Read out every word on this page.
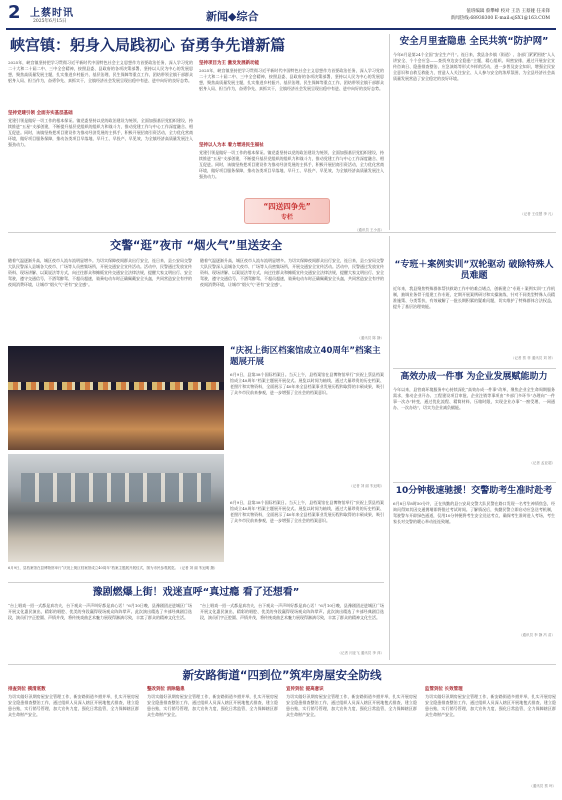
2 上蔡时讯
2025年6月15日	新闻◆综合	值班编辑 蔡攀峰 校对 王浩 王蔡娅 任来锋
新闻热线:68938300 E-mail:sjSX1@163.COM
峡宫镇：躬身入局践初心 奋勇争先谱新篇
2025年，峡宫镇坚持把学习贯彻习近平新时代中国特色社会主义思想作为首要政治任务，深入学习党的二十大和二十届二中、三中全会精神，按照县委、县政府的各项决策部署，坚持以人民为中心的发展思想，聚焦高质量发展主题，扎实推进乡村振兴、基层治理、民生保障等重点工作，团结带领全镇干部群众躬身入局、担当作为，奋勇争先、真抓实干，全镇经济社会发展呈现出稳中有进、进中向好的良好态势。
坚持党建引领 全面夯实基层基础
党建引领是做好一切工作的根本保证。镇党委坚持以党的政治建设为统领，全面加强基层党组织建设，持续推进“五星”支部创建，不断提升基层党组织的组织力和战斗力，推动党建工作与中心工作深度融合、相互促进。同时，该镇坚持把项目建设作为推动经济发展的主抓手，积极开展招商引资活动，全力优化营商环境，做好项目服务保障，推动各类项目早落地、早开工、早投产、早见效，为全镇经济高质量发展注入强劲动力。
坚持项目为王 激发发展新动能
2025年，峡宫镇坚持把学习贯彻习近平新时代中国特色社会主义思想作为首要政治任务，深入学习党的二十大和二十届二中、三中全会精神，按照县委、县政府的各项决策部署，坚持以人民为中心的发展思想，聚焦高质量发展主题，扎实推进乡村振兴、基层治理、民生保障等重点工作，团结带领全镇干部群众躬身入局、担当作为，奋勇争先、真抓实干，全镇经济社会发展呈现出稳中有进、进中向好的良好态势。
坚持以人为本 着力增进民生福祉
党建引领是做好一切工作的根本保证。镇党委坚持以党的政治建设为统领，全面加强基层党组织建设，持续推进“五星”支部创建，不断提升基层党组织的组织力和战斗力，推动党建工作与中心工作深度融合、相互促进。同时，该镇坚持把项目建设作为推动经济发展的主抓手，积极开展招商引资活动，全力优化营商环境，做好项目服务保障，推动各类项目早落地、早开工、早投产、早见效，为全镇经济高质量发展注入强劲动力。
（通讯员 王小蕊）
安全月里查隐患 全民共筑“防护网”
今年6月是第24个全国“安全生产月”。连日来，我县各乡镇（街道）、各部门紧紧围绕“人人讲安全、个个会应急——查找身边安全隐患”主题，精心组织、周密安排，通过开展安全宣传咨询日、隐患排查整治、应急演练等形式多样的活动，进一步普及安全知识，增强全民安全意识和自救互救能力，营造人人关注安全、人人参与安全的浓厚氛围，为全县经济社会高质量发展营造了安全稳定的良好环境。
（记者 王佳慧 李 凡）
“四送四争先”
专栏
交警“逛”夜市 “烟火气”里送安全
随着气温逐渐升高，城区夜市人流车流明显增多。为切实保障夜间群众出行安全，连日来，县公安局交警大队民警深入县城各大夜市、广场等人员密集场所，开展交通安全宣传活动。活动中，民警通过发放宣传资料、现场讲解、以案说法等方式，向过往群众和摊贩宣传交通安全法律法规，提醒大家文明出行、安全驾驶，遵守交通信号，不酒驾醉驾、不超员超速，骑乘电动车时正确佩戴安全头盔，共同营造安全有序的夜间消费环境，让城市“烟火气”更有“安全感”。
随着气温逐渐升高，城区夜市人流车流明显增多。为切实保障夜间群众出行安全，连日来，县公安局交警大队民警深入县城各大夜市、广场等人员密集场所，开展交通安全宣传活动。活动中，民警通过发放宣传资料、现场讲解、以案说法等方式，向过往群众和摊贩宣传交通安全法律法规，提醒大家文明出行、安全驾驶，遵守交通信号，不酒驾醉驾、不超员超速，骑乘电动车时正确佩戴安全头盔，共同营造安全有序的夜间消费环境，让城市“烟火气”更有“安全感”。
（通讯员 陈 静）
“专班＋案例实训”双轮驱动 破除特殊人员难题
近年来，我县聚焦特殊群体帮扶救助工作中的难点堵点，创新建立“专班＋案例实训”工作机制，抽调业务骨干组建工作专班，定期开展案例研讨和实操演练，针对不同类型特殊人员精准施策、分类帮扶，有效破解了一批长期积累的疑难问题，切实维护了特殊群体合法权益，提升了基层治理效能。
（记者 蔡 菲 通讯员 刘 婷）
高效办成一件事 为企业发展赋能助力
今年以来，县营商环境服务中心持续深化“高效办成一件事”改革，聚焦企业全生命周期服务需求，推动企业开办、工程建设项目审批、企业注销等事项由“多部门多环节”办理向“一件事一次办”转变，通过优化流程、精简材料、压缩时限，实现企业办事“一窗受理、一网通办、一次办结”，切实为企业减负赋能。
（记者 孟亚超）
10分钟极速驰援！交警助考生准时赴考
6月8日早8时50分许，正在执勤的县公安局交警大队民警在路口发现一名考生神情焦急，经询问得知其因交通拥堵即将错过考试时间。了解情况后，执勤民警立即启动应急送考机制，驾驶警车开辟绿色通道，仅用10分钟便将考生安全送达考点，确保考生准时进入考场，考生家长对交警的暖心举动连连致谢。
（通讯员 李 静 冯 苗）
“庆祝上街区档案馆成立40周年”档案主题展开展
6月9日，县第38个国际档案日。当天上午，县档案馆在县博物馆举行“庆祝上蔡县档案馆成立40周年”档案主题展开展仪式。展览以时间为轴线，通过大量珍贵的历史档案、老照片和实物资料，全面展示了40年来全县档案事业发展历程和取得的丰硕成果，吸引了众多市民前来参观，进一步增强了全社会的档案意识。
（记者 刘 丽 朱冠明）
6月9日，县档案馆在县博物馆举行“庆祝上街区档案馆成立40周年”档案主题展开展仪式，图为市民参观展览。（记者 刘 丽 朱冠明 摄）
6月9日，县第38个国际档案日。当天上午，县档案馆在县博物馆举行“庆祝上蔡县档案馆成立40周年”档案主题展开展仪式。展览以时间为轴线，通过大量珍贵的历史档案、老照片和实物资料，全面展示了40年来全县档案事业发展历程和取得的丰硕成果，吸引了众多市民前来参观，进一步增强了全社会的档案意识。
豫剧燃爆上街！戏迷直呼“真过瘾 看了还想看”
“台上唱戏一招一式都是真功夫，台下观众一声声叫好都是真心话！”6月10日晚，县豫剧团走进城区广场开展文化惠民演出，精彩的唱腔、优美的身段赢得现场观众阵阵掌声。此次演出精选了多部经典剧目选段，演员们字正腔圆、声情并茂，将传统戏曲艺术魅力展现得淋漓尽致，丰富了群众的精神文化生活。
“台上唱戏一招一式都是真功夫，台下观众一声声叫好都是真心话！”6月10日晚，县豫剧团走进城区广场开展文化惠民演出，精彩的唱腔、优美的身段赢得现场观众阵阵掌声。此次演出精选了多部经典剧目选段，演员们字正腔圆、声情并茂，将传统戏曲艺术魅力展现得淋漓尽致，丰富了群众的精神文化生活。
（记者 闫亚飞 通讯员 李 萍）
新安路街道“四到位”筑牢房屋安全防线
排查到位 摸清底数
为切实做好汛期房屋安全管理工作，新安路街道多措并举，扎实开展房屋安全隐患排查整治工作，通过组织人员深入辖区开展地毯式排查，建立隐患台账，实行销号管理，加大宣传力度，强化日常监管，全力保障辖区群众生命财产安全。
整改到位 消除隐患
为切实做好汛期房屋安全管理工作，新安路街道多措并举，扎实开展房屋安全隐患排查整治工作，通过组织人员深入辖区开展地毯式排查，建立隐患台账，实行销号管理，加大宣传力度，强化日常监管，全力保障辖区群众生命财产安全。
宣传到位 提高意识
为切实做好汛期房屋安全管理工作，新安路街道多措并举，扎实开展房屋安全隐患排查整治工作，通过组织人员深入辖区开展地毯式排查，建立隐患台账，实行销号管理，加大宣传力度，强化日常监管，全力保障辖区群众生命财产安全。
监管到位 长效管理
为切实做好汛期房屋安全管理工作，新安路街道多措并举，扎实开展房屋安全隐患排查整治工作，通过组织人员深入辖区开展地毯式排查，建立隐患台账，实行销号管理，加大宣传力度，强化日常监管，全力保障辖区群众生命财产安全。
（通讯员 蔡 珂）
